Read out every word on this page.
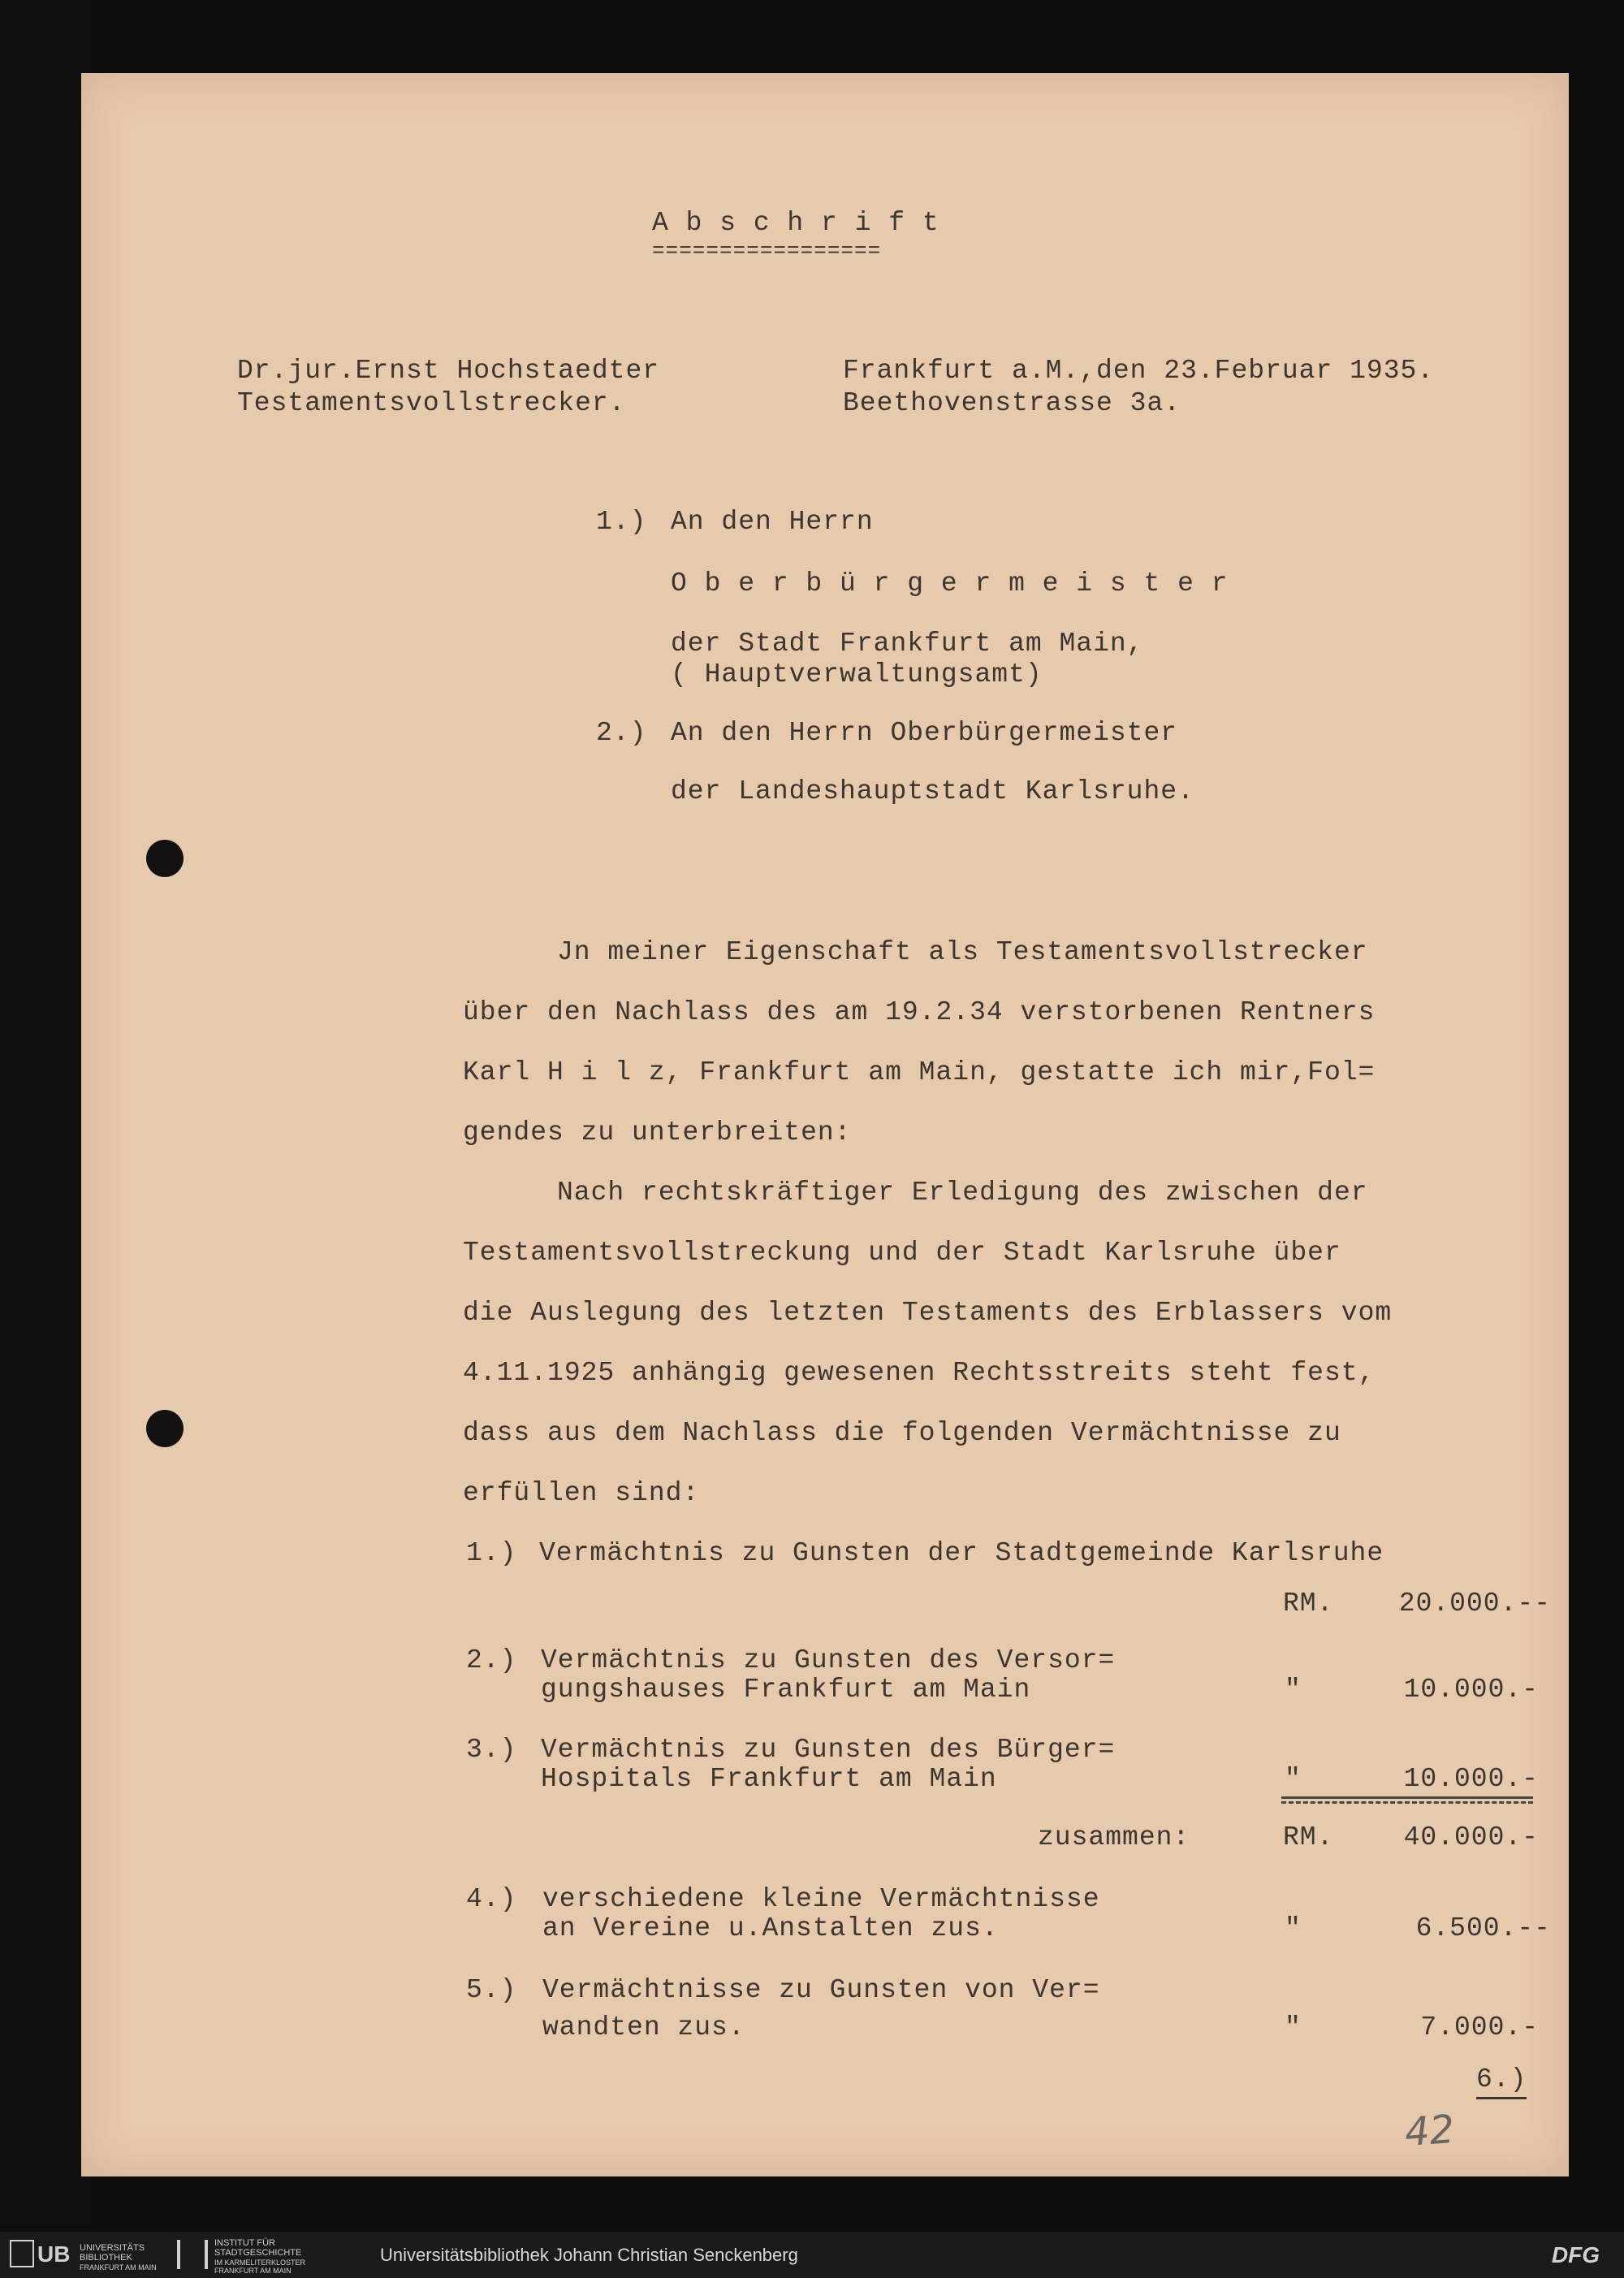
A b s c h r i f t
=================
Dr.jur.Ernst Hochstaedter
Testamentsvollstrecker.
Frankfurt a.M.,den 23.Februar 1935.
Beethovenstrasse 3a.
1.) An den Herrn
O b e r b ü r g e r m e i s t e r
der Stadt Frankfurt am Main,
( Hauptverwaltungsamt)
2.) An den Herrn Oberbürgermeister
der Landeshauptstadt Karlsruhe.
Jn meiner Eigenschaft als Testamentsvollstrecker
über den Nachlass des am 19.2.34 verstorbenen Rentners
Karl H i l z, Frankfurt am Main, gestatte ich mir,Fol=
gendes zu unterbreiten:
Nach rechtskräftiger Erledigung des zwischen der
Testamentsvollstreckung und der Stadt Karlsruhe über
die Auslegung des letzten Testaments des Erblassers vom
4.11.1925 anhängig gewesenen Rechtsstreits steht fest,
dass aus dem Nachlass die folgenden Vermächtnisse zu
erfüllen sind:
1.) Vermächtnis zu Gunsten der Stadtgemeinde Karlsruhe
RM.	20.000.--
2.) Vermächtnis zu Gunsten des Versor=
gungshauses Frankfurt am Main	"	10.000.-
3.) Vermächtnis zu Gunsten des Bürger=
Hospitals Frankfurt am Main	"	10.000.-
zusammen:	RM.	40.000.-
4.) verschiedene kleine Vermächtnisse
an Vereine u.Anstalten zus.	"	6.500.--
5.) Vermächtnisse zu Gunsten von Ver=
wandten zus.	"	7.000.-
6.)
42
UB UNIVERSITÄTS
BIBLIOTHEK
FRANKFURT AM MAIN
INSTITUT FÜR
STADTGESCHICHTE
IM KARMELITERKLOSTER
FRANKFURT AM MAIN
Universitätsbibliothek Johann Christian Senckenberg	DFG
